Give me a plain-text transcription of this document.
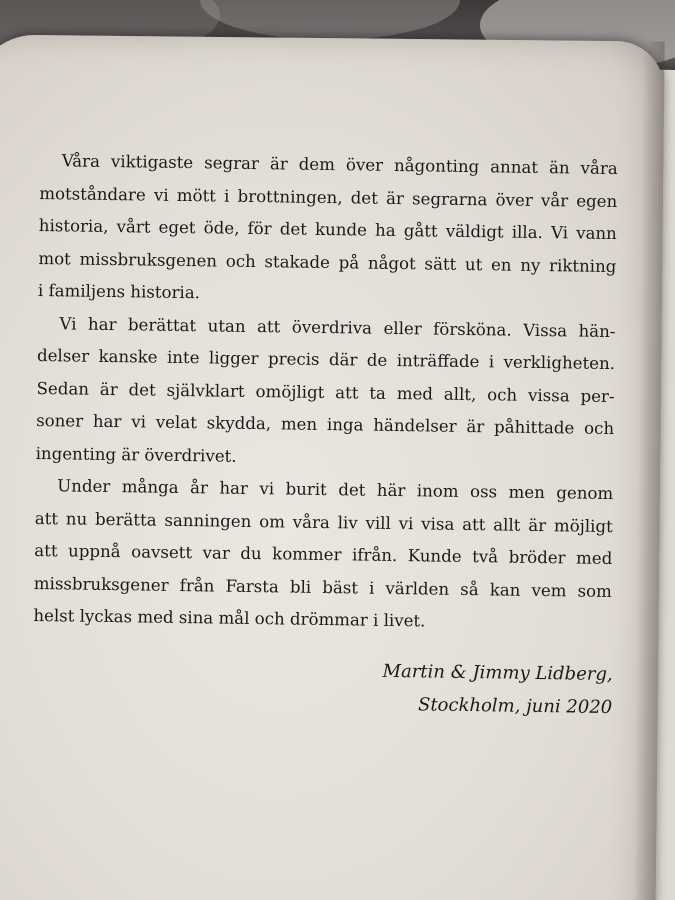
Våra viktigaste segrar är dem över någonting annat än våra
motståndare vi mött i brottningen, det är segrarna över vår egen
historia, vårt eget öde, för det kunde ha gått väldigt illa. Vi vann
mot missbruksgenen och stakade på något sätt ut en ny riktning
i familjens historia.

Vi har berättat utan att överdriva eller försköna. Vissa hän-
delser kanske inte ligger precis där de inträffade i verkligheten.
Sedan är det självklart omöjligt att ta med allt, och vissa per-
soner har vi velat skydda, men inga händelser är påhittade och
ingenting är överdrivet.

Under många år har vi burit det här inom oss men genom
att nu berätta sanningen om våra liv vill vi visa att allt är möjligt
att uppnå oavsett var du kommer ifrån. Kunde två bröder med
missbruksgener från Farsta bli bäst i världen så kan vem som
helst lyckas med sina mål och drömmar i livet.

Martin & Jimmy Lidberg,
Stockholm, juni 2020
